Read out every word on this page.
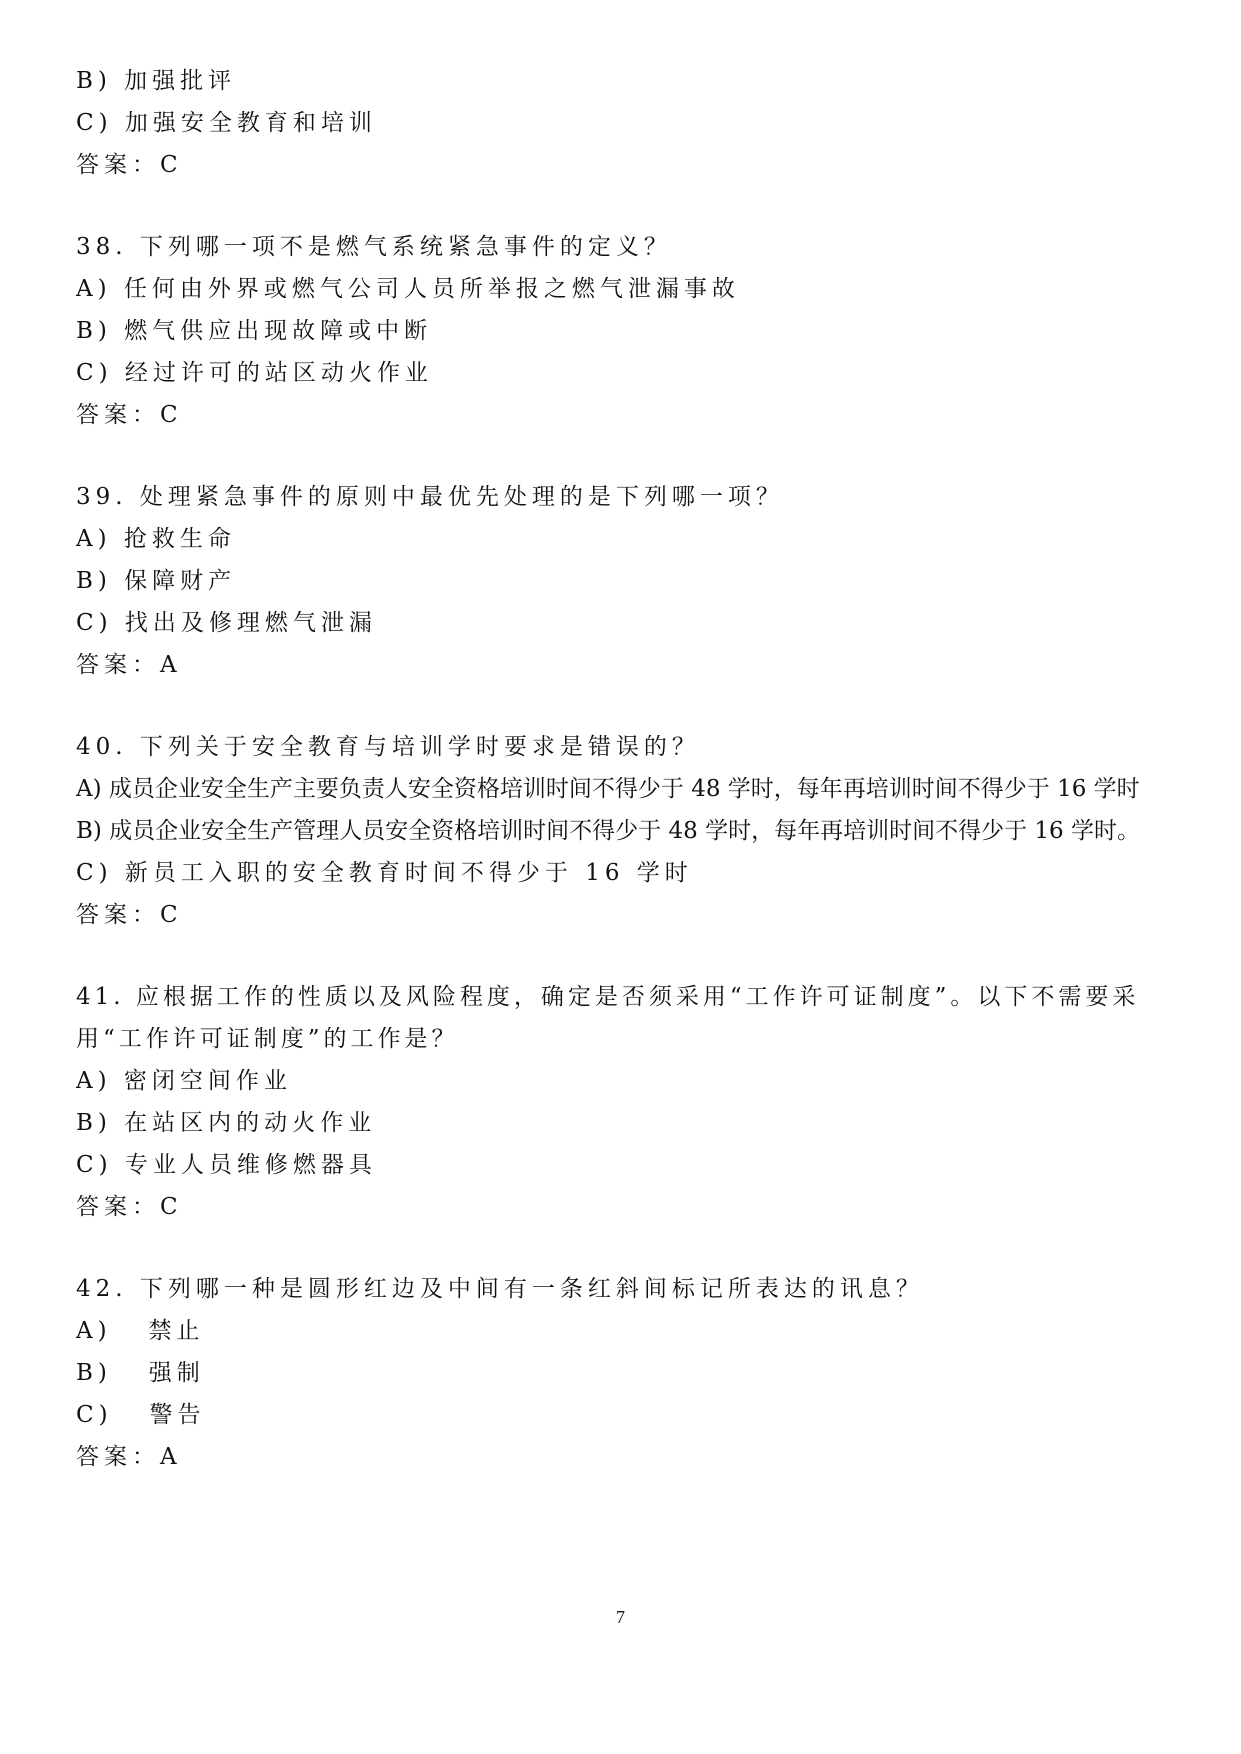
B) 加强批评
C) 加强安全教育和培训
答案：C
38. 下列哪一项不是燃气系统紧急事件的定义？
A) 任何由外界或燃气公司人员所举报之燃气泄漏事故
B) 燃气供应出现故障或中断
C) 经过许可的站区动火作业
答案：C
39. 处理紧急事件的原则中最优先处理的是下列哪一项？
A) 抢救生命
B) 保障财产
C) 找出及修理燃气泄漏
答案：A
40. 下列关于安全教育与培训学时要求是错误的？
A) 成员企业安全生产主要负责人安全资格培训时间不得少于 48 学时，每年再培训时间不得少于 16 学时
B) 成员企业安全生产管理人员安全资格培训时间不得少于 48 学时，每年再培训时间不得少于 16 学时。
C) 新员工入职的安全教育时间不得少于 16 学时
答案：C
41. 应根据工作的性质以及风险程度，确定是否须采用“工作许可证制度”。以下不需要采用“工作许可证制度”的工作是？
A) 密闭空间作业
B) 在站区内的动火作业
C) 专业人员维修燃器具
答案：C
42. 下列哪一种是圆形红边及中间有一条红斜间标记所表达的讯息？
A)   禁止
B)   强制
C)   警告
答案：A
7
